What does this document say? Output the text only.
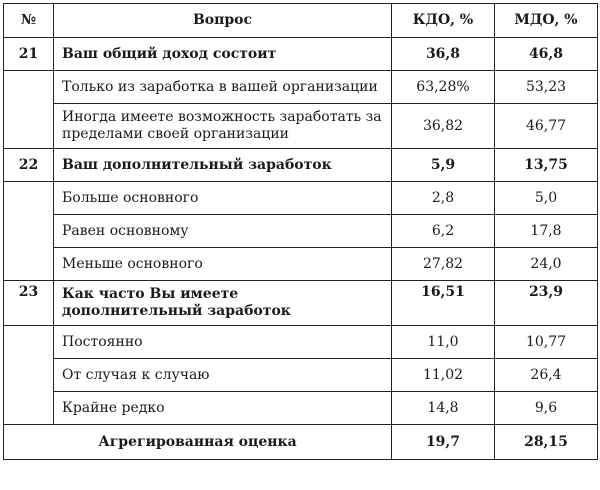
№	Вопрос	КДО, %	МДО, %
21	Ваш общий доход состоит	36,8	46,8
	Только из заработка в вашей организации	63,28%	53,23
	Иногда имеете возможность заработать за пределами своей организации	36,82	46,77
22	Ваш дополнительный заработок	5,9	13,75
	Больше основного	2,8	5,0
	Равен основному	6,2	17,8
	Меньше основного	27,82	24,0
23	Как часто Вы имеете дополнительный заработок	16,51	23,9
	Постоянно	11,0	10,77
	От случая к случаю	11,02	26,4
	Крайне редко	14,8	9,6
Агрегированная оценка		19,7	28,15
